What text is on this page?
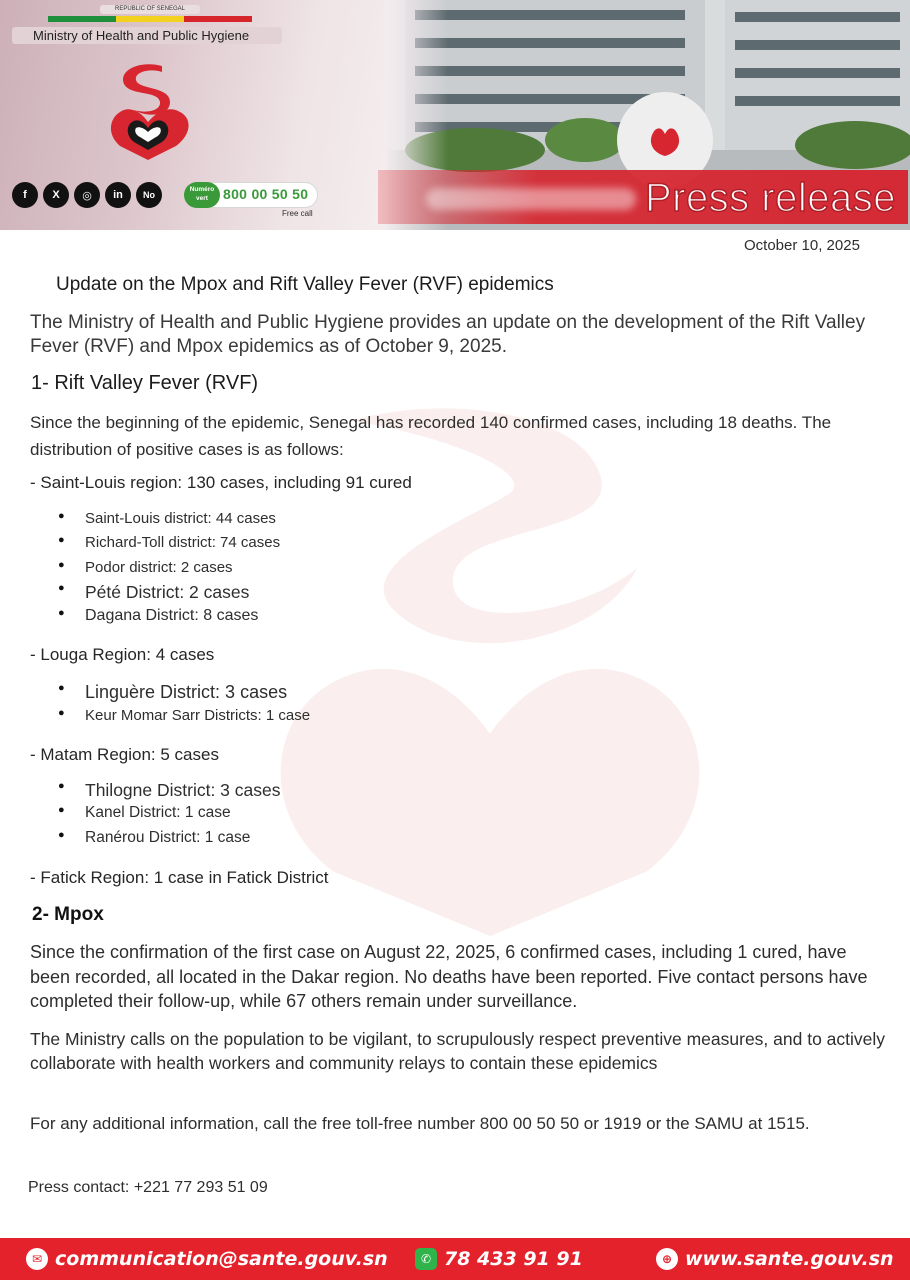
REPUBLIC OF SENEGAL
Ministry of Health and Public Hygiene
f	X	◎	in	No
Numéro
vert	800 00 50 50
Free call	Press release
October 10, 2025
Update on the Mpox and Rift Valley Fever (RVF) epidemics
The Ministry of Health and Public Hygiene provides an update on the development of the Rift Valley Fever (RVF) and Mpox epidemics as of October 9, 2025.
1- Rift Valley Fever (RVF)
Since the beginning of the epidemic, Senegal has recorded 140 confirmed cases, including 18 deaths. The distribution of positive cases is as follows:
- Saint-Louis region: 130 cases, including 91 cured
● Saint-Louis district: 44 cases
● Richard-Toll district: 74 cases
● Podor district: 2 cases
● Pété District: 2 cases
● Dagana District: 8 cases
- Louga Region: 4 cases
● Linguère District: 3 cases
● Keur Momar Sarr Districts: 1 case
- Matam Region: 5 cases
● Thilogne District: 3 cases
● Kanel District: 1 case
● Ranérou District: 1 case
- Fatick Region: 1 case in Fatick District
2- Mpox
Since the confirmation of the first case on August 22, 2025, 6 confirmed cases, including 1 cured, have been recorded, all located in the Dakar region. No deaths have been reported. Five contact persons have completed their follow-up, while 67 others remain under surveillance.
The Ministry calls on the population to be vigilant, to scrupulously respect preventive measures, and to actively collaborate with health workers and community relays to contain these epidemics
For any additional information, call the free toll-free number 800 00 50 50 or 1919 or the SAMU at 1515.
Press contact: +221 77 293 51 09
✉ communication@sante.gouv.sn	✆ 78 433 91 91	⊕ www.sante.gouv.sn
